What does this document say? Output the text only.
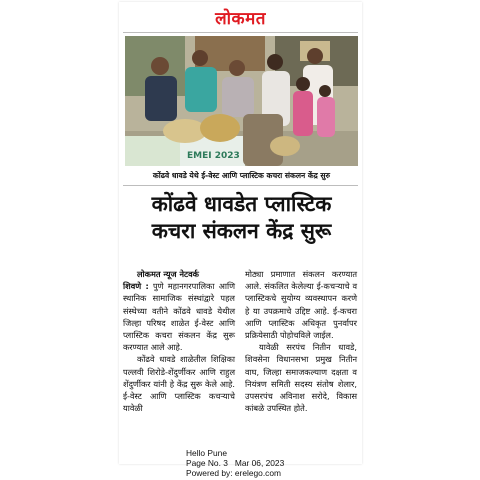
लोकमत
EMEI 2023
कोंढवे धावडे येथे ई-वेस्ट आणि प्लास्टिक कचरा संकलन केंद्र सुरु
कोंढवे धावडेत प्लास्टिक
कचरा संकलन केंद्र सुरू

लोकमत न्यूज नेटवर्क

शिवणे : पुणे महानगरपालिका आणि स्थानिक सामाजिक संस्थांद्वारे पहल संस्थेच्या वतीने कोंढवे धावडे येथील जिल्हा परिषद शाळेत ई-वेस्ट आणि प्लास्टिक कचरा संकलन केंद्र सुरू करण्यात आले आहे.

कोंढवे धावडे शाळेतील शिक्षिका पल्लवी शिरोडे-शेंदुर्णीकर आणि राहुल शेंदुर्णीकर यांनी हे केंद्र सुरू केले आहे. ई-वेस्ट आणि प्लास्टिक कचऱ्याचे यावेळी

मोठ्या प्रमाणात संकलन करण्यात आले. संकलित केलेल्या ई-कचऱ्याचे व प्लास्टिकचे सुयोग्य व्यवस्थापन करणे हे या उपक्रमाचे उद्दिष्ट आहे. ई-कचरा आणि प्लास्टिक अधिकृत पुनर्वापर प्रक्रियेसाठी पोहोचविले जाईल.

यावेळी सरपंच नितीन धावडे, शिवसेना विधानसभा प्रमुख नितीन वाघ, जिल्हा समाजकल्याण दक्षता व नियंत्रण समिती सदस्य संतोष शेलार, उपसरपंच अविनाश सरोदे, विकास कांबळे उपस्थित होते.

Hello Pune
Page No. 3 Mar 06, 2023
Powered by: erelego.com
